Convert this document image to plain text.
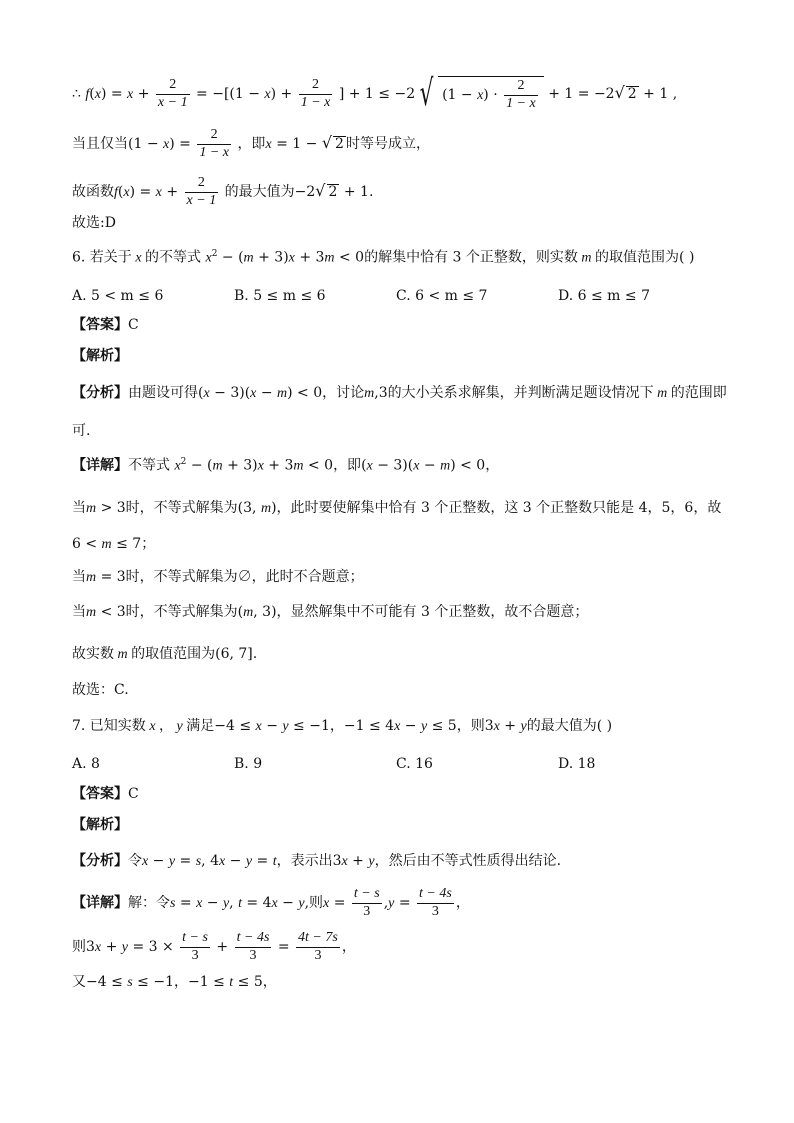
∴ $f(x) = x + \frac{2}{x - 1} = -[(1 - x) + \frac{2}{1 - x}$ ] + 1 ≤ −2 √ $(1 - x) \cdot \frac{2}{1 - x} + 1 = -2√$ 2 + 1 ,
当且仅当$(1 - x) = \frac{2}{1 - x}$ ，即x = 1 − √ 2 时等号成立，
故函数$f(x) = x + \frac{2}{x - 1}$ 的最大值为−2√ 2 + 1.
故选:D
6. 若关于 x 的不等式 $x^2 - (m + 3)x + 3m < 0$的解集中恰有 3 个正整数，则实数 m 的取值范围为( )
A. 5 < m ≤ 6	B. 5 ≤ m ≤ 6	C. 6 < m ≤ 7	D. 6 ≤ m ≤ 7
【答案】C
【解析】
【分析】由题设可得(x − 3)(x − m) < 0，讨论m,3的大小关系求解集，并判断满足题设情况下 m 的范围即
可.
【详解】不等式 $x^2 - (m + 3)x + 3m < 0$，即(x − 3)(x − m) < 0，
当m > 3时，不等式解集为(3, m)，此时要使解集中恰有 3 个正整数，这 3 个正整数只能是 4，5，6，故
6 < m ≤ 7；
当m = 3时，不等式解集为∅，此时不合题意；
当m < 3时，不等式解集为(m, 3)，显然解集中不可能有 3 个正整数，故不合题意；
故实数 m 的取值范围为(6, 7].
故选：C.
7. 已知实数 x ， y 满足−4 ≤ x − y ≤ −1，−1 ≤ 4x − y ≤ 5，则3x + y的最大值为( )
A. 8	B. 9	C. 16	D. 18
【答案】C
【解析】
【分析】令x − y = s, 4x − y = t，表示出3x + y，然后由不等式性质得出结论.
【详解】解：令s = x − y, t = 4x − y,则$x = \frac{t - s}{3} ,y = \frac{t - 4s}{3}$ ，
则$3x + y = 3 \times \frac{t - s}{3} + \frac{t - 4s}{3} = \frac{4t - 7s}{3}$ ，
又−4 ≤ s ≤ −1，−1 ≤ t ≤ 5，
